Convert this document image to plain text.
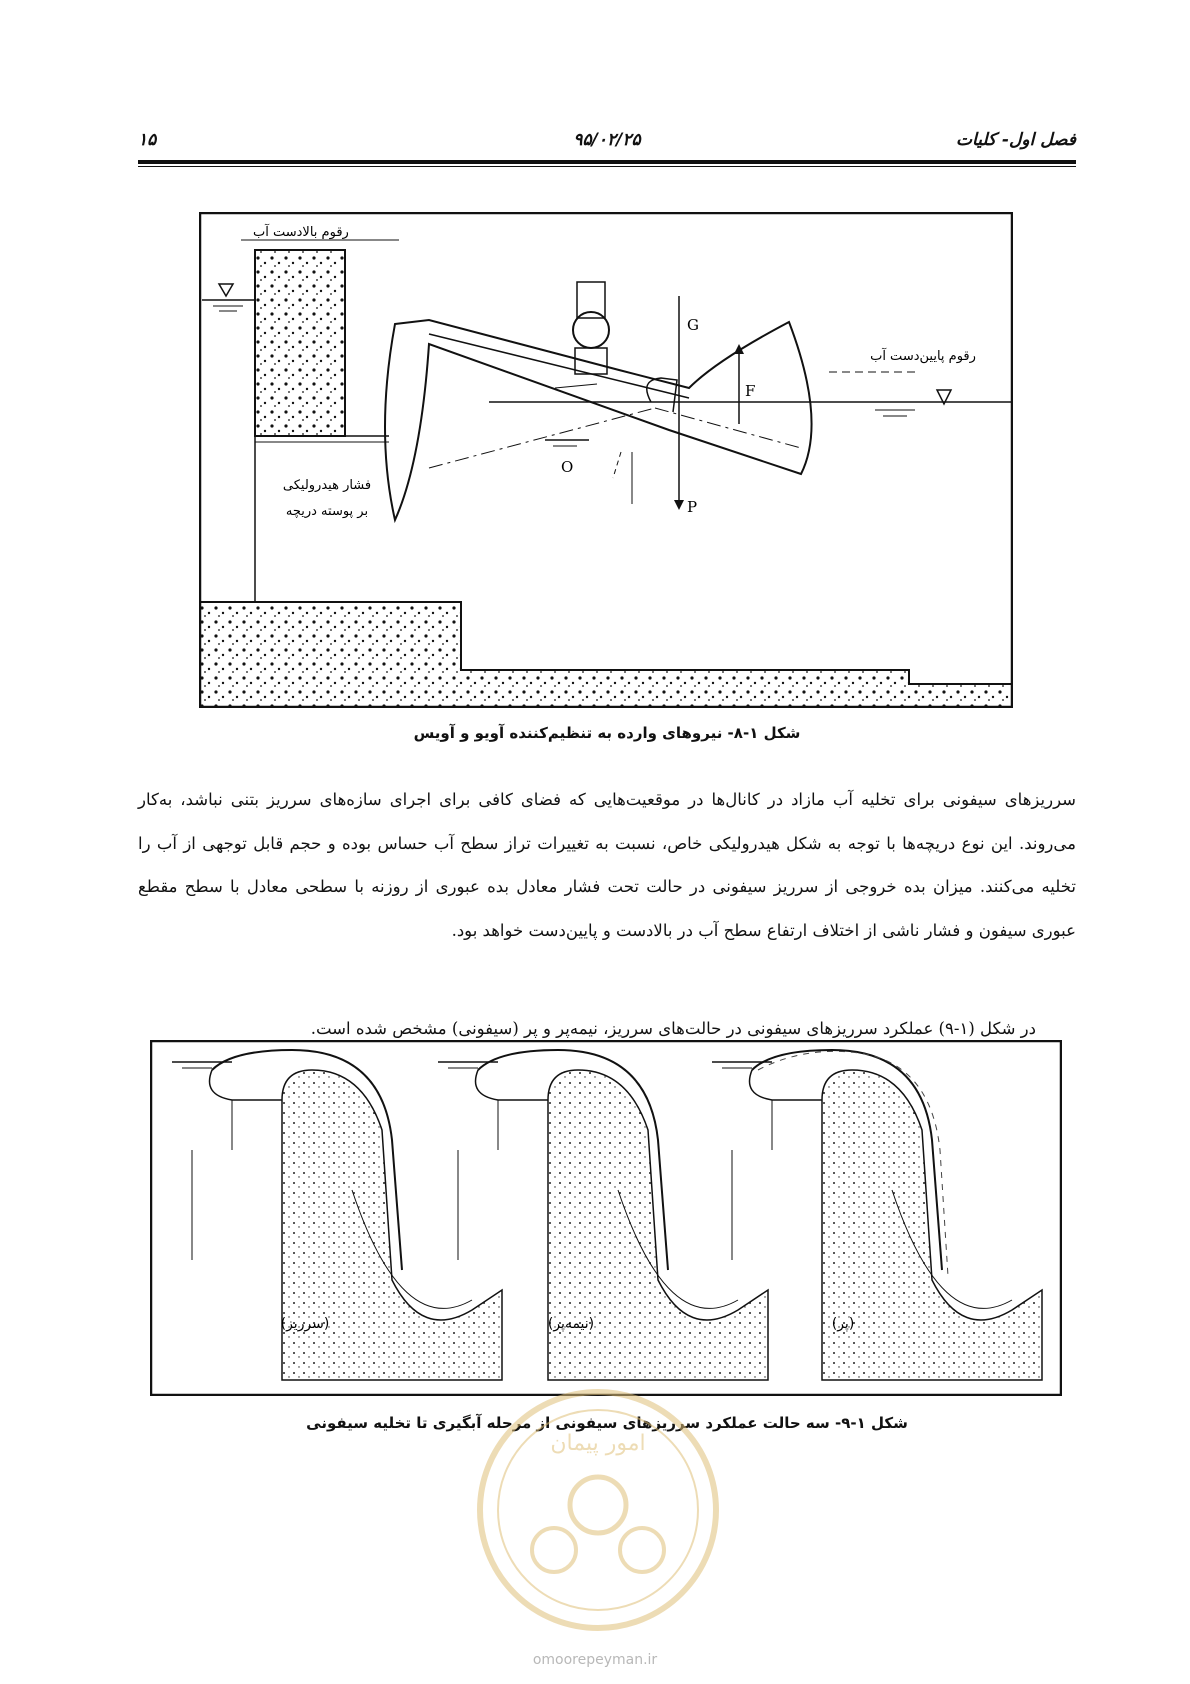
فصل اول- کلیات
۹۵/۰۲/۲۵
۱۵
رقوم بالادست آب
رقوم پایین‌دست آب
فشار هیدرولیکی
بر پوسته دریچه
G
F
P
O
شکل ۱-۸- نیروهای وارده به تنظیم‌کننده آویو و آویس
سرریزهای سیفونی برای تخلیه آب مازاد در کانال‌ها در موقعیت‌هایی که فضای کافی برای اجرای سازه‌های سرریز بتنی نباشد، به‌کار می‌روند. این نوع دریچه‌ها با توجه به شکل هیدرولیکی خاص، نسبت به تغییرات تراز سطح آب حساس بوده و حجم قابل توجهی از آب را تخلیه می‌کنند. میزان بده خروجی از سرریز سیفونی در حالت تحت فشار معادل بده عبوری از روزنه با سطحی معادل با سطح مقطع عبوری سیفون و فشار ناشی از اختلاف ارتفاع سطح آب در بالادست و پایین‌دست خواهد بود.
در شکل (۱-۹) عملکرد سرریزهای سیفونی در حالت‌های سرریز، نیمه‌پر و پر (سیفونی) مشخص شده است.
(سرریز)	(نیمه‌پر)	(پر)
شکل ۱-۹- سه حالت عملکرد سرریزهای سیفونی از مرحله آبگیری تا تخلیه سیفونی
امور پیمان
omoorepeyman.ir
